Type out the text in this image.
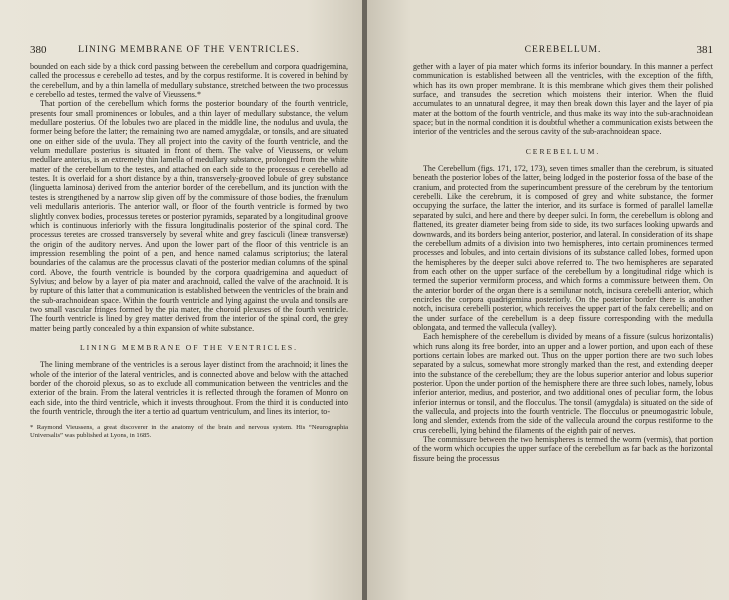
380	LINING MEMBRANE OF THE VENTRICLES.

bounded on each side by a thick cord passing between the cerebellum and corpora quadrigemina, called the processus e cerebello ad testes, and by the corpus restiforme. It is covered in behind by the cerebellum, and by a thin lamella of medullary substance, stretched between the two processus e cerebello ad testes, termed the valve of Vieussens.*

That portion of the cerebellum which forms the posterior boundary of the fourth ventricle, presents four small prominences or lobules, and a thin layer of medullary substance, the velum medullare posterius. Of the lobules two are placed in the middle line, the nodulus and uvula, the former being before the latter; the remaining two are named amygdalæ, or tonsils, and are situated one on either side of the uvula. They all project into the cavity of the fourth ventricle, and the velum medullare posterius is situated in front of them. The valve of Vieussens, or velum medullare anterius, is an extremely thin lamella of medullary substance, prolonged from the white matter of the cerebellum to the testes, and attached on each side to the processus e cerebello ad testes. It is overlaid for a short distance by a thin, transversely-grooved lobule of grey substance (linguetta laminosa) derived from the anterior border of the cerebellum, and its junction with the testes is strengthened by a narrow slip given off by the commissure of those bodies, the frænulum veli medullaris anterioris. The anterior wall, or floor of the fourth ventricle is formed by two slightly convex bodies, processus teretes or posterior pyramids, separated by a longitudinal groove which is continuous inferiorly with the fissura longitudinalis posterior of the spinal cord. The processus teretes are crossed transversely by several white and grey fasciculi (lineæ transversæ) the origin of the auditory nerves. And upon the lower part of the floor of this ventricle is an impression resembling the point of a pen, and hence named calamus scriptorius; the lateral boundaries of the calamus are the processus clavati of the posterior median columns of the spinal cord. Above, the fourth ventricle is bounded by the corpora quadrigemina and aqueduct of Sylvius; and below by a layer of pia mater and arachnoid, called the valve of the arachnoid. It is by rupture of this latter that a communication is established between the ventricles of the brain and the sub-arachnoidean space. Within the fourth ventricle and lying against the uvula and tonsils are two small vascular fringes formed by the pia mater, the choroid plexuses of the fourth ventricle. The fourth ventricle is lined by grey matter derived from the interior of the spinal cord, the grey matter being partly concealed by a thin expansion of white substance.

LINING MEMBRANE OF THE VENTRICLES.

The lining membrane of the ventricles is a serous layer distinct from the arachnoid; it lines the whole of the interior of the lateral ventricles, and is connected above and below with the attached border of the choroid plexus, so as to exclude all communication between the ventricles and the exterior of the brain. From the lateral ventricles it is reflected through the foramen of Monro on each side, into the third ventricle, which it invests throughout. From the third it is conducted into the fourth ventricle, through the iter a tertio ad quartum ventriculum, and lines its interior, to-

* Raymond Vieussens, a great discoverer in the anatomy of the brain and nervous system. His “Neurographia Universalis” was published at Lyons, in 1685.
CEREBELLUM.	381

gether with a layer of pia mater which forms its inferior boundary. In this manner a perfect communication is established between all the ventricles, with the exception of the fifth, which has its own proper membrane. It is this membrane which gives them their polished surface, and transudes the secretion which moistens their interior. When the fluid accumulates to an unnatural degree, it may then break down this layer and the layer of pia mater at the bottom of the fourth ventricle, and thus make its way into the sub-arachnoidean space; but in the normal condition it is doubtful whether a communication exists between the interior of the ventricles and the serous cavity of the sub-arachnoidean space.

CEREBELLUM.

The Cerebellum (figs. 171, 172, 173), seven times smaller than the cerebrum, is situated beneath the posterior lobes of the latter, being lodged in the posterior fossa of the base of the cranium, and protected from the superincumbent pressure of the cerebrum by the tentorium cerebelli. Like the cerebrum, it is composed of grey and white substance, the former occupying the surface, the latter the interior, and its surface is formed of parallel lamellæ separated by sulci, and here and there by deeper sulci. In form, the cerebellum is oblong and flattened, its greater diameter being from side to side, its two surfaces looking upwards and downwards, and its borders being anterior, posterior, and lateral. In consideration of its shape the cerebellum admits of a division into two hemispheres, into certain prominences termed processes and lobules, and into certain divisions of its substance called lobes, formed upon the hemispheres by the deeper sulci above referred to. The two hemispheres are separated from each other on the upper surface of the cerebellum by a longitudinal ridge which is termed the superior vermiform process, and which forms a commissure between them. On the anterior border of the organ there is a semilunar notch, incisura cerebelli anterior, which encircles the corpora quadrigemina posteriorly. On the posterior border there is another notch, incisura cerebelli posterior, which receives the upper part of the falx cerebelli; and on the under surface of the cerebellum is a deep fissure corresponding with the medulla oblongata, and termed the vallecula (valley).

Each hemisphere of the cerebellum is divided by means of a fissure (sulcus horizontalis) which runs along its free border, into an upper and a lower portion, and upon each of these portions certain lobes are marked out. Thus on the upper portion there are two such lobes separated by a sulcus, somewhat more strongly marked than the rest, and extending deeper into the substance of the cerebellum; they are the lobus superior anterior and lobus superior posterior. Upon the under portion of the hemisphere there are three such lobes, namely, lobus inferior anterior, medius, and posterior, and two additional ones of peculiar form, the lobus inferior internus or tonsil, and the flocculus. The tonsil (amygdala) is situated on the side of the vallecula, and projects into the fourth ventricle. The flocculus or pneumogastric lobule, long and slender, extends from the side of the vallecula around the corpus restiforme to the crus cerebelli, lying behind the filaments of the eighth pair of nerves.

The commissure between the two hemispheres is termed the worm (vermis), that portion of the worm which occupies the upper surface of the cerebellum as far back as the horizontal fissure being the processus
